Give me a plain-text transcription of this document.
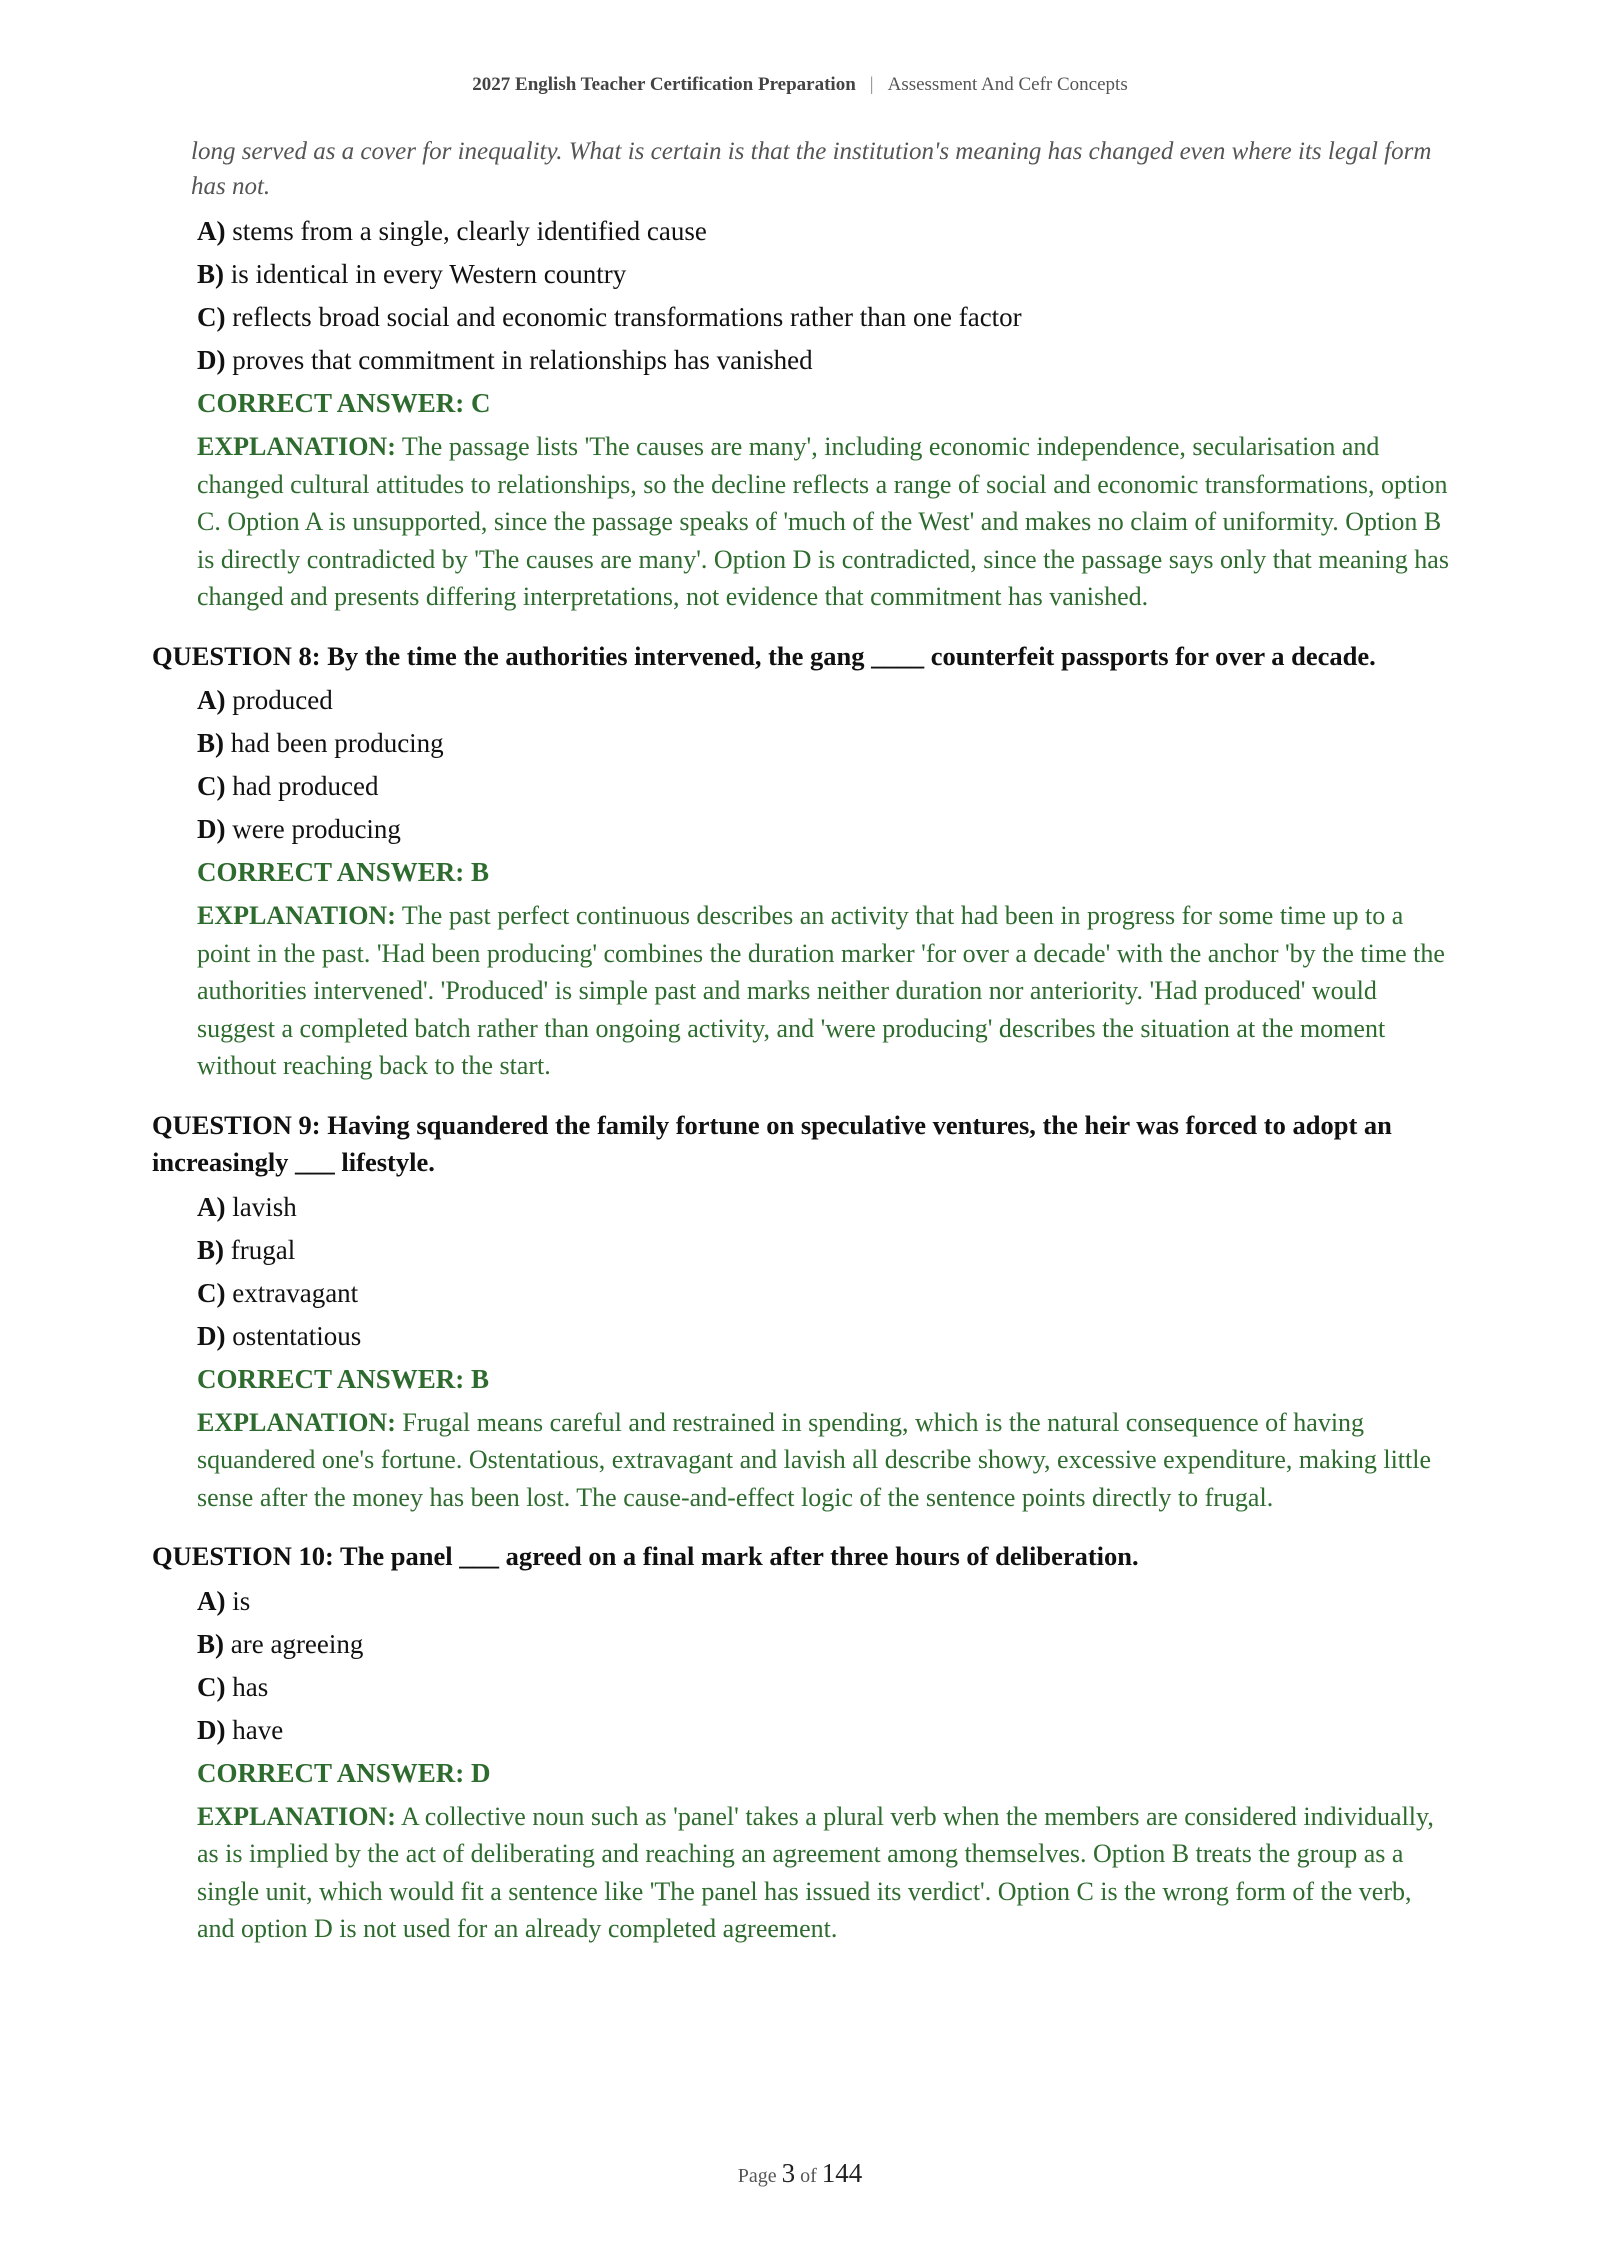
2027 English Teacher Certification Preparation | Assessment And Cefr Concepts
long served as a cover for inequality. What is certain is that the institution's meaning has changed even where its legal form has not.
A) stems from a single, clearly identified cause
B) is identical in every Western country
C) reflects broad social and economic transformations rather than one factor
D) proves that commitment in relationships has vanished
CORRECT ANSWER: C
EXPLANATION: The passage lists 'The causes are many', including economic independence, secularisation and changed cultural attitudes to relationships, so the decline reflects a range of social and economic transformations, option C. Option A is unsupported, since the passage speaks of 'much of the West' and makes no claim of uniformity. Option B is directly contradicted by 'The causes are many'. Option D is contradicted, since the passage says only that meaning has changed and presents differing interpretations, not evidence that commitment has vanished.
QUESTION 8: By the time the authorities intervened, the gang ____ counterfeit passports for over a decade.
A) produced
B) had been producing
C) had produced
D) were producing
CORRECT ANSWER: B
EXPLANATION: The past perfect continuous describes an activity that had been in progress for some time up to a point in the past. 'Had been producing' combines the duration marker 'for over a decade' with the anchor 'by the time the authorities intervened'. 'Produced' is simple past and marks neither duration nor anteriority. 'Had produced' would suggest a completed batch rather than ongoing activity, and 'were producing' describes the situation at the moment without reaching back to the start.
QUESTION 9: Having squandered the family fortune on speculative ventures, the heir was forced to adopt an increasingly ___ lifestyle.
A) lavish
B) frugal
C) extravagant
D) ostentatious
CORRECT ANSWER: B
EXPLANATION: Frugal means careful and restrained in spending, which is the natural consequence of having squandered one's fortune. Ostentatious, extravagant and lavish all describe showy, excessive expenditure, making little sense after the money has been lost. The cause-and-effect logic of the sentence points directly to frugal.
QUESTION 10: The panel ___ agreed on a final mark after three hours of deliberation.
A) is
B) are agreeing
C) has
D) have
CORRECT ANSWER: D
EXPLANATION: A collective noun such as 'panel' takes a plural verb when the members are considered individually, as is implied by the act of deliberating and reaching an agreement among themselves. Option B treats the group as a single unit, which would fit a sentence like 'The panel has issued its verdict'. Option C is the wrong form of the verb, and option D is not used for an already completed agreement.
Page 3 of 144
